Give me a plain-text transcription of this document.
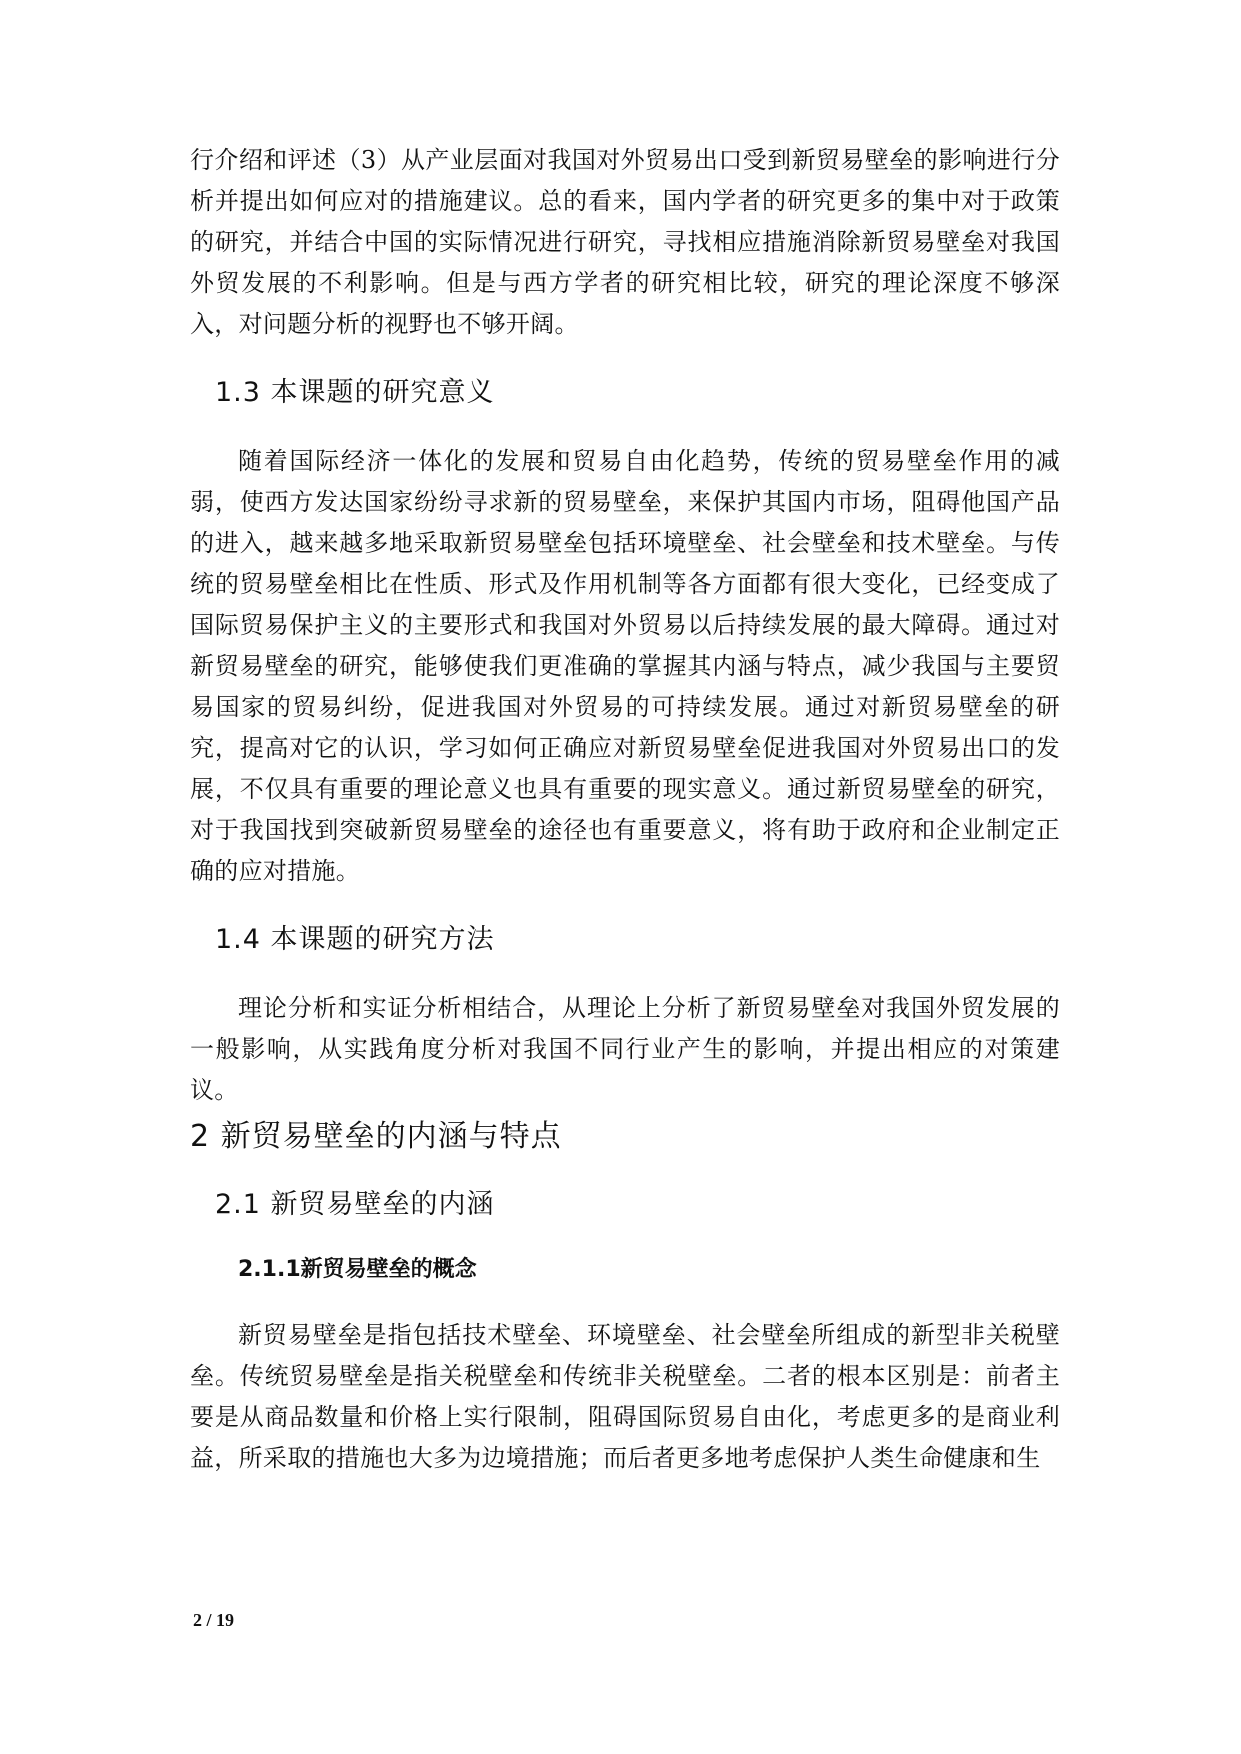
行介绍和评述（3）从产业层面对我国对外贸易出口受到新贸易壁垒的影响进行分析并提出如何应对的措施建议。总的看来，国内学者的研究更多的集中对于政策的研究，并结合中国的实际情况进行研究，寻找相应措施消除新贸易壁垒对我国外贸发展的不利影响。但是与西方学者的研究相比较，研究的理论深度不够深入，对问题分析的视野也不够开阔。

1.3 本课题的研究意义

随着国际经济一体化的发展和贸易自由化趋势，传统的贸易壁垒作用的减弱，使西方发达国家纷纷寻求新的贸易壁垒，来保护其国内市场，阻碍他国产品的进入，越来越多地采取新贸易壁垒包括环境壁垒、社会壁垒和技术壁垒。与传统的贸易壁垒相比在性质、形式及作用机制等各方面都有很大变化，已经变成了国际贸易保护主义的主要形式和我国对外贸易以后持续发展的最大障碍。通过对新贸易壁垒的研究，能够使我们更准确的掌握其内涵与特点，减少我国与主要贸易国家的贸易纠纷，促进我国对外贸易的可持续发展。通过对新贸易壁垒的研究，提高对它的认识，学习如何正确应对新贸易壁垒促进我国对外贸易出口的发展，不仅具有重要的理论意义也具有重要的现实意义。通过新贸易壁垒的研究，对于我国找到突破新贸易壁垒的途径也有重要意义，将有助于政府和企业制定正确的应对措施。

1.4 本课题的研究方法

理论分析和实证分析相结合，从理论上分析了新贸易壁垒对我国外贸发展的一般影响，从实践角度分析对我国不同行业产生的影响，并提出相应的对策建议。

2 新贸易壁垒的内涵与特点
2.1 新贸易壁垒的内涵
2.1.1新贸易壁垒的概念

新贸易壁垒是指包括技术壁垒、环境壁垒、社会壁垒所组成的新型非关税壁垒。传统贸易壁垒是指关税壁垒和传统非关税壁垒。二者的根本区别是：前者主要是从商品数量和价格上实行限制，阻碍国际贸易自由化，考虑更多的是商业利益，所采取的措施也大多为边境措施；而后者更多地考虑保护人类生命健康和生

2 / 19
